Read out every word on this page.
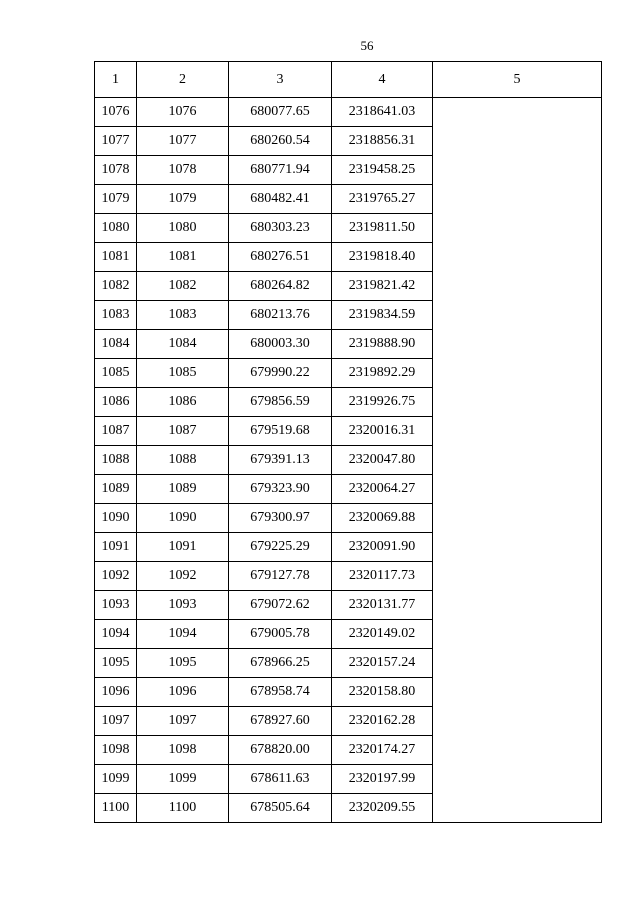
56
1	2	3	4	5
1076	1076	680077.65	2318641.03	
1077	1077	680260.54	2318856.31	
1078	1078	680771.94	2319458.25	
1079	1079	680482.41	2319765.27	
1080	1080	680303.23	2319811.50	
1081	1081	680276.51	2319818.40	
1082	1082	680264.82	2319821.42	
1083	1083	680213.76	2319834.59	
1084	1084	680003.30	2319888.90	
1085	1085	679990.22	2319892.29	
1086	1086	679856.59	2319926.75	
1087	1087	679519.68	2320016.31	
1088	1088	679391.13	2320047.80	
1089	1089	679323.90	2320064.27	
1090	1090	679300.97	2320069.88	
1091	1091	679225.29	2320091.90	
1092	1092	679127.78	2320117.73	
1093	1093	679072.62	2320131.77	
1094	1094	679005.78	2320149.02	
1095	1095	678966.25	2320157.24	
1096	1096	678958.74	2320158.80	
1097	1097	678927.60	2320162.28	
1098	1098	678820.00	2320174.27	
1099	1099	678611.63	2320197.99	
1100	1100	678505.64	2320209.55	
